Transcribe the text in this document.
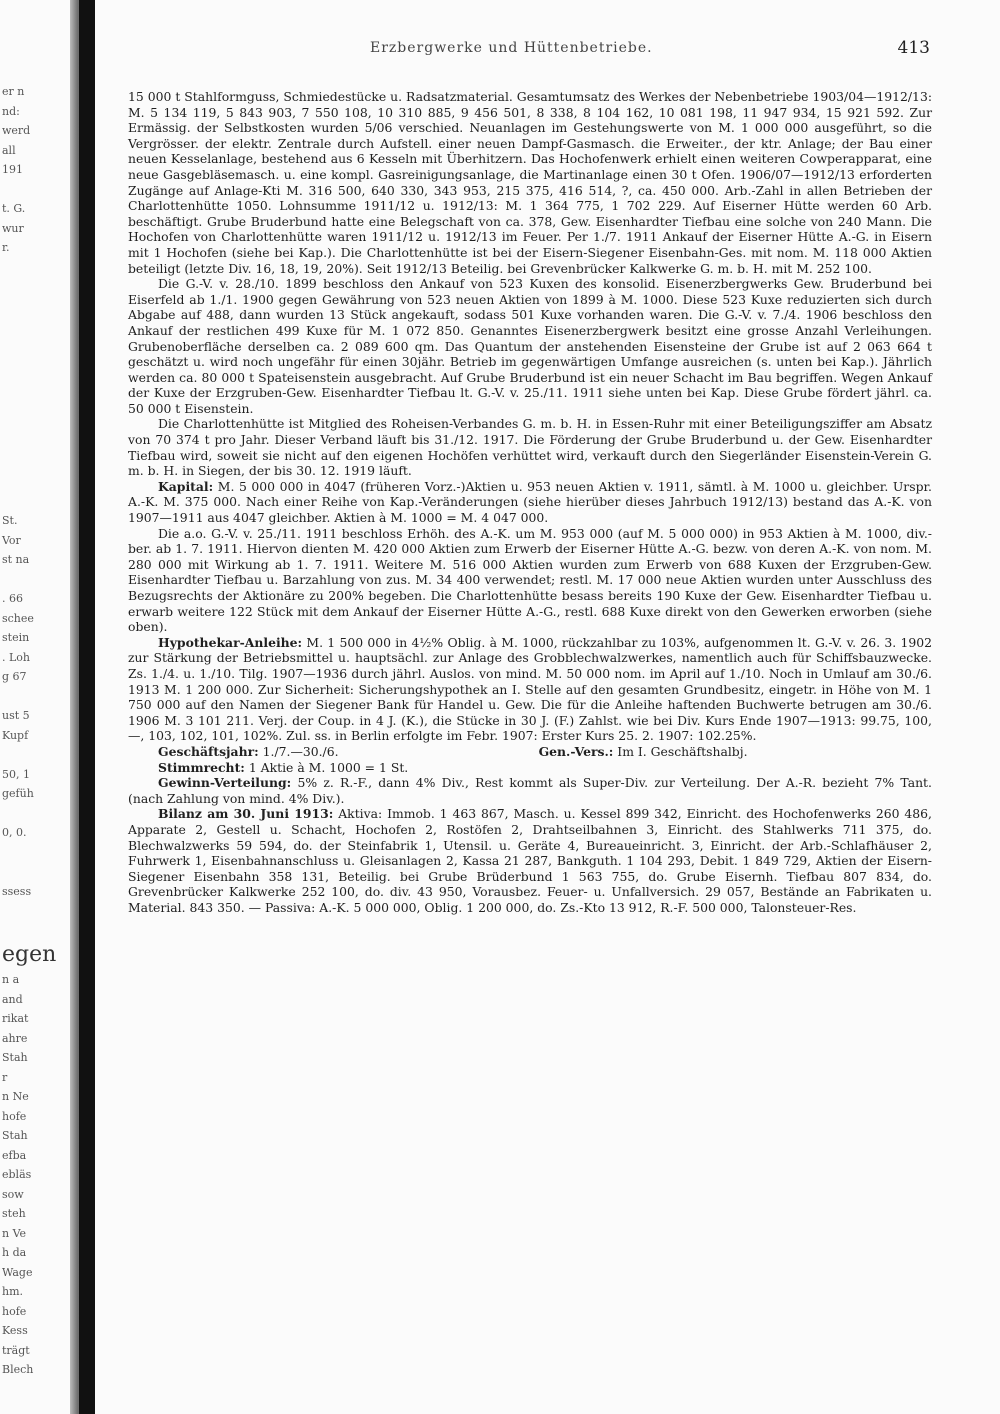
er n
nd:
werd
all
191

t. G.
wur
r.

St.
Vor
st na

. 66
schee
stein
. Loh
g 67

ust 5
Kupf

50, 1
gefüh

0, 0.

ssess

egen
n a
and
rikat
ahre
Stah
r
n Ne
hofe
Stah
efba
ebläs
sow
steh
n Ve
h da
Wage
hm.
hofe
Kess
trägt
Blech
Erzbergwerke und Hüttenbetriebe.	413

15 000 t Stahlformguss, Schmiedestücke u. Radsatzmaterial. Gesamtumsatz des Werkes der Nebenbetriebe 1903/04—1912/13: M. 5 134 119, 5 843 903, 7 550 108, 10 310 885, 9 456 501, 8 338, 8 104 162, 10 081 198, 11 947 934, 15 921 592. Zur Ermässig. der Selbstkosten wurden 5/06 verschied. Neuanlagen im Gestehungswerte von M. 1 000 000 ausgeführt, so die Vergrösser. der elektr. Zentrale durch Aufstell. einer neuen Dampf-Gasmasch. die Erweiter., der ktr. Anlage; der Bau einer neuen Kesselanlage, bestehend aus 6 Kesseln mit Überhitzern. Das Hochofenwerk erhielt einen weiteren Cowperapparat, eine neue Gasgebläsemasch. u. eine kompl. Gasreinigungsanlage, die Martinanlage einen 30 t Ofen. 1906/07—1912/13 erforderten Zugänge auf Anlage-Kti M. 316 500, 640 330, 343 953, 215 375, 416 514, ?, ca. 450 000. Arb.-Zahl in allen Betrieben der Charlottenhütte 1050. Lohnsumme 1911/12 u. 1912/13: M. 1 364 775, 1 702 229. Auf Eiserner Hütte werden 60 Arb. beschäftigt. Grube Bruderbund hatte eine Belegschaft von ca. 378, Gew. Eisenhardter Tiefbau eine solche von 240 Mann. Die Hochofen von Charlottenhütte waren 1911/12 u. 1912/13 im Feuer. Per 1./7. 1911 Ankauf der Eiserner Hütte A.-G. in Eisern mit 1 Hochofen (siehe bei Kap.). Die Charlottenhütte ist bei der Eisern-Siegener Eisenbahn-Ges. mit nom. M. 118 000 Aktien beteiligt (letzte Div. 16, 18, 19, 20%). Seit 1912/13 Beteilig. bei Grevenbrücker Kalkwerke G. m. b. H. mit M. 252 100.

Die G.-V. v. 28./10. 1899 beschloss den Ankauf von 523 Kuxen des konsolid. Eisenerzbergwerks Gew. Bruderbund bei Eiserfeld ab 1./1. 1900 gegen Gewährung von 523 neuen Aktien von 1899 à M. 1000. Diese 523 Kuxe reduzierten sich durch Abgabe auf 488, dann wurden 13 Stück angekauft, sodass 501 Kuxe vorhanden waren. Die G.-V. v. 7./4. 1906 beschloss den Ankauf der restlichen 499 Kuxe für M. 1 072 850. Genanntes Eisenerzbergwerk besitzt eine grosse Anzahl Verleihungen. Grubenoberfläche derselben ca. 2 089 600 qm. Das Quantum der anstehenden Eisensteine der Grube ist auf 2 063 664 t geschätzt u. wird noch ungefähr für einen 30jähr. Betrieb im gegenwärtigen Umfange ausreichen (s. unten bei Kap.). Jährlich werden ca. 80 000 t Spateisenstein ausgebracht. Auf Grube Bruderbund ist ein neuer Schacht im Bau begriffen. Wegen Ankauf der Kuxe der Erzgruben-Gew. Eisenhardter Tiefbau lt. G.-V. v. 25./11. 1911 siehe unten bei Kap. Diese Grube fördert jährl. ca. 50 000 t Eisenstein.

Die Charlottenhütte ist Mitglied des Roheisen-Verbandes G. m. b. H. in Essen-Ruhr mit einer Beteiligungsziffer am Absatz von 70 374 t pro Jahr. Dieser Verband läuft bis 31./12. 1917. Die Förderung der Grube Bruderbund u. der Gew. Eisenhardter Tiefbau wird, soweit sie nicht auf den eigenen Hochöfen verhüttet wird, verkauft durch den Siegerländer Eisenstein-Verein G. m. b. H. in Siegen, der bis 30. 12. 1919 läuft.

Kapital: M. 5 000 000 in 4047 (früheren Vorz.-)Aktien u. 953 neuen Aktien v. 1911, sämtl. à M. 1000 u. gleichber. Urspr. A.-K. M. 375 000. Nach einer Reihe von Kap.-Veränderungen (siehe hierüber dieses Jahrbuch 1912/13) bestand das A.-K. von 1907—1911 aus 4047 gleichber. Aktien à M. 1000 = M. 4 047 000.

Die a.o. G.-V. v. 25./11. 1911 beschloss Erhöh. des A.-K. um M. 953 000 (auf M. 5 000 000) in 953 Aktien à M. 1000, div.-ber. ab 1. 7. 1911. Hiervon dienten M. 420 000 Aktien zum Erwerb der Eiserner Hütte A.-G. bezw. von deren A.-K. von nom. M. 280 000 mit Wirkung ab 1. 7. 1911. Weitere M. 516 000 Aktien wurden zum Erwerb von 688 Kuxen der Erzgruben-Gew. Eisenhardter Tiefbau u. Barzahlung von zus. M. 34 400 verwendet; restl. M. 17 000 neue Aktien wurden unter Ausschluss des Bezugsrechts der Aktionäre zu 200% begeben. Die Charlottenhütte besass bereits 190 Kuxe der Gew. Eisenhardter Tiefbau u. erwarb weitere 122 Stück mit dem Ankauf der Eiserner Hütte A.-G., restl. 688 Kuxe direkt von den Gewerken erworben (siehe oben).

Hypothekar-Anleihe: M. 1 500 000 in 4½% Oblig. à M. 1000, rückzahlbar zu 103%, aufgenommen lt. G.-V. v. 26. 3. 1902 zur Stärkung der Betriebsmittel u. hauptsächl. zur Anlage des Grobblechwalzwerkes, namentlich auch für Schiffsbauzwecke. Zs. 1./4. u. 1./10. Tilg. 1907—1936 durch jährl. Auslos. von mind. M. 50 000 nom. im April auf 1./10. Noch in Umlauf am 30./6. 1913 M. 1 200 000. Zur Sicherheit: Sicherungshypothek an I. Stelle auf den gesamten Grundbesitz, eingetr. in Höhe von M. 1 750 000 auf den Namen der Siegener Bank für Handel u. Gew. Die für die Anleihe haftenden Buchwerte betrugen am 30./6. 1906 M. 3 101 211. Verj. der Coup. in 4 J. (K.), die Stücke in 30 J. (F.) Zahlst. wie bei Div. Kurs Ende 1907—1913: 99.75, 100, —, 103, 102, 101, 102%. Zul. ss. in Berlin erfolgte im Febr. 1907: Erster Kurs 25. 2. 1907: 102.25%.

Geschäftsjahr: 1./7.—30./6.	Gen.-Vers.: Im I. Geschäftshalbj.

Stimmrecht: 1 Aktie à M. 1000 = 1 St.

Gewinn-Verteilung: 5% z. R.-F., dann 4% Div., Rest kommt als Super-Div. zur Verteilung. Der A.-R. bezieht 7% Tant. (nach Zahlung von mind. 4% Div.).

Bilanz am 30. Juni 1913: Aktiva: Immob. 1 463 867, Masch. u. Kessel 899 342, Einricht. des Hochofenwerks 260 486, Apparate 2, Gestell u. Schacht, Hochofen 2, Rostöfen 2, Drahtseilbahnen 3, Einricht. des Stahlwerks 711 375, do. Blechwalzwerks 59 594, do. der Steinfabrik 1, Utensil. u. Geräte 4, Bureaueinricht. 3, Einricht. der Arb.-Schlafhäuser 2, Fuhrwerk 1, Eisenbahnanschluss u. Gleisanlagen 2, Kassa 21 287, Bankguth. 1 104 293, Debit. 1 849 729, Aktien der Eisern-Siegener Eisenbahn 358 131, Beteilig. bei Grube Brüderbund 1 563 755, do. Grube Eisernh. Tiefbau 807 834, do. Grevenbrücker Kalkwerke 252 100, do. div. 43 950, Vorausbez. Feuer- u. Unfallversich. 29 057, Bestände an Fabrikaten u. Material. 843 350. — Passiva: A.-K. 5 000 000, Oblig. 1 200 000, do. Zs.-Kto 13 912, R.-F. 500 000, Talonsteuer-Res.
